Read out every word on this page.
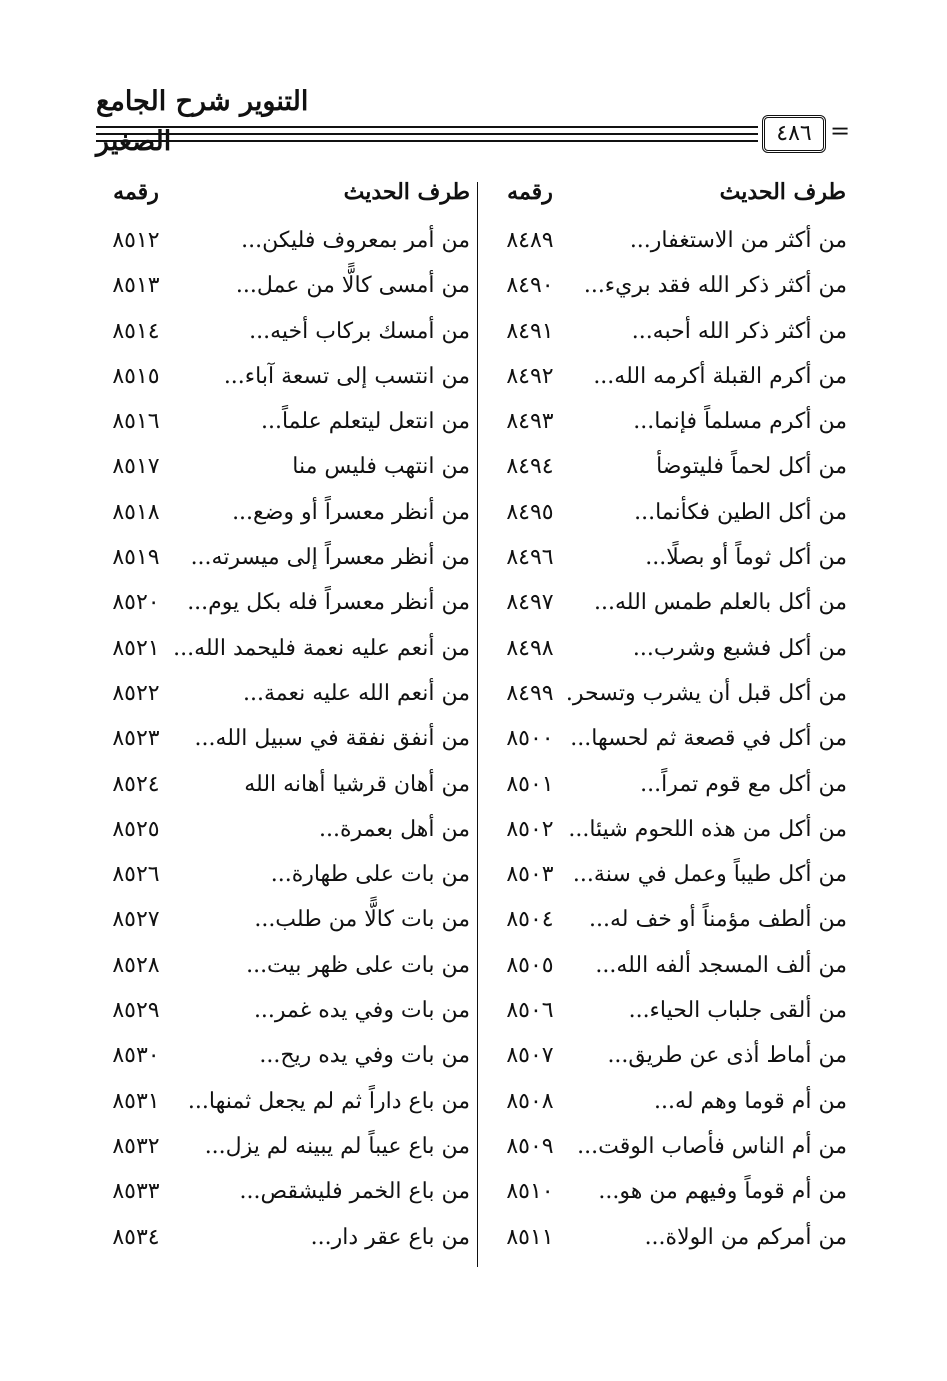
التنوير شرح الجامع الصغير	٤٨٦ =
طرف الحديث
رقمه
طرف الحديث
رقمه
من أكثر من الاستغفار...
٨٤٨٩
من أمر بمعروف فليكن...
٨٥١٢
من أكثر ذكر الله فقد بريء...
٨٤٩٠
من أمسى كالًّا من عمل...
٨٥١٣
من أكثر ذكر الله أحبه...
٨٤٩١
من أمسك بركاب أخيه...
٨٥١٤
من أكرم القبلة أكرمه الله...
٨٤٩٢
من انتسب إلى تسعة آباء...
٨٥١٥
من أكرم مسلماً فإنما...
٨٤٩٣
من انتعل ليتعلم علماً...
٨٥١٦
من أكل لحماً فليتوضأ
٨٤٩٤
من انتهب فليس منا
٨٥١٧
من أكل الطين فكأنما...
٨٤٩٥
من أنظر معسراً أو وضع...
٨٥١٨
من أكل ثوماً أو بصلًا...
٨٤٩٦
من أنظر معسراً إلى ميسرته...
٨٥١٩
من أكل بالعلم طمس الله...
٨٤٩٧
من أنظر معسراً فله بكل يوم...
٨٥٢٠
من أكل فشبع وشرب...
٨٤٩٨
من أنعم عليه نعمة فليحمد الله...
٨٥٢١
من أكل قبل أن يشرب وتسحر.
٨٤٩٩
من أنعم الله عليه نعمة...
٨٥٢٢
من أكل في قصعة ثم لحسها...
٨٥٠٠
من أنفق نفقة في سبيل الله...
٨٥٢٣
من أكل مع قوم تمراً...
٨٥٠١
من أهان قرشيا أهانه الله
٨٥٢٤
من أكل من هذه اللحوم شيئا...
٨٥٠٢
من أهل بعمرة...
٨٥٢٥
من أكل طيباً وعمل في سنة...
٨٥٠٣
من بات على طهارة...
٨٥٢٦
من ألطف مؤمناً أو خف له...
٨٥٠٤
من بات كالًّا من طلب...
٨٥٢٧
من ألف المسجد ألفه الله...
٨٥٠٥
من بات على ظهر بيت...
٨٥٢٨
من ألقى جلباب الحياء...
٨٥٠٦
من بات وفي يده غمر...
٨٥٢٩
من أماط أذى عن طريق...
٨٥٠٧
من بات وفي يده ريح...
٨٥٣٠
من أم قوما وهم له...
٨٥٠٨
من باع داراً ثم لم يجعل ثمنها...
٨٥٣١
من أم الناس فأصاب الوقت...
٨٥٠٩
من باع عيباً لم يبينه لم يزل...
٨٥٣٢
من أم قوماً وفيهم من هو...
٨٥١٠
من باع الخمر فليشقص...
٨٥٣٣
من أمركم من الولاة...
٨٥١١
من باع عقر دار...
٨٥٣٤
